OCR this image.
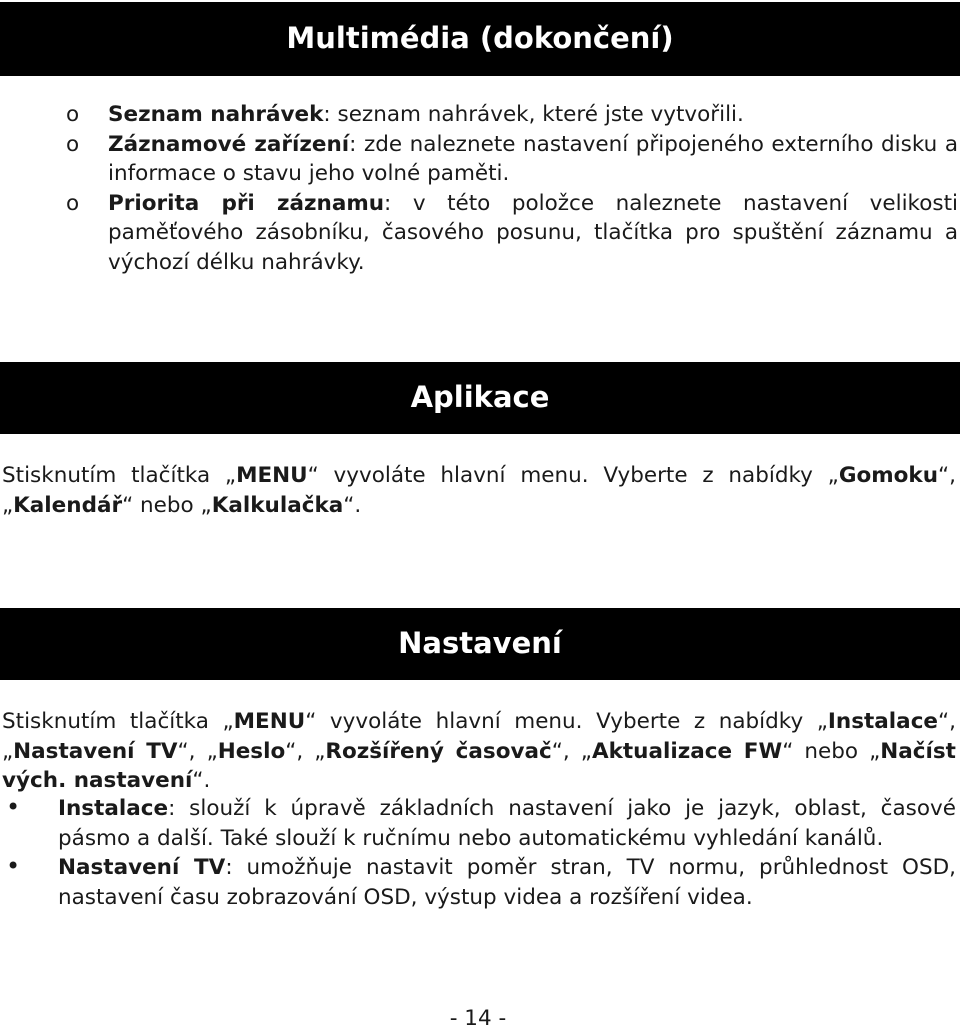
Multimédia (dokončení)
o Seznam nahrávek: seznam nahrávek, které jste vytvořili.
o Záznamové zařízení: zde naleznete nastavení připojeného externího disku a informace o stavu jeho volné paměti.
o Priorita při záznamu: v této položce naleznete nastavení velikosti paměťového zásobníku, časového posunu, tlačítka pro spuštění záznamu a výchozí délku nahrávky.
Aplikace

Stisknutím tlačítka „MENU“ vyvoláte hlavní menu. Vyberte z nabídky „Gomoku“, „Kalendář“ nebo „Kalkulačka“.

Nastavení

Stisknutím tlačítka „MENU“ vyvoláte hlavní menu. Vyberte z nabídky „Instalace“, „Nastavení TV“, „Heslo“, „Rozšířený časovač“, „Aktualizace FW“ nebo „Načíst vých. nastavení“.

• Instalace: slouží k úpravě základních nastavení jako je jazyk, oblast, časové pásmo a další. Také slouží k ručnímu nebo automatickému vyhledání kanálů.
• Nastavení TV: umožňuje nastavit poměr stran, TV normu, průhlednost OSD, nastavení času zobrazování OSD, výstup videa a rozšíření videa.
- 14 -
